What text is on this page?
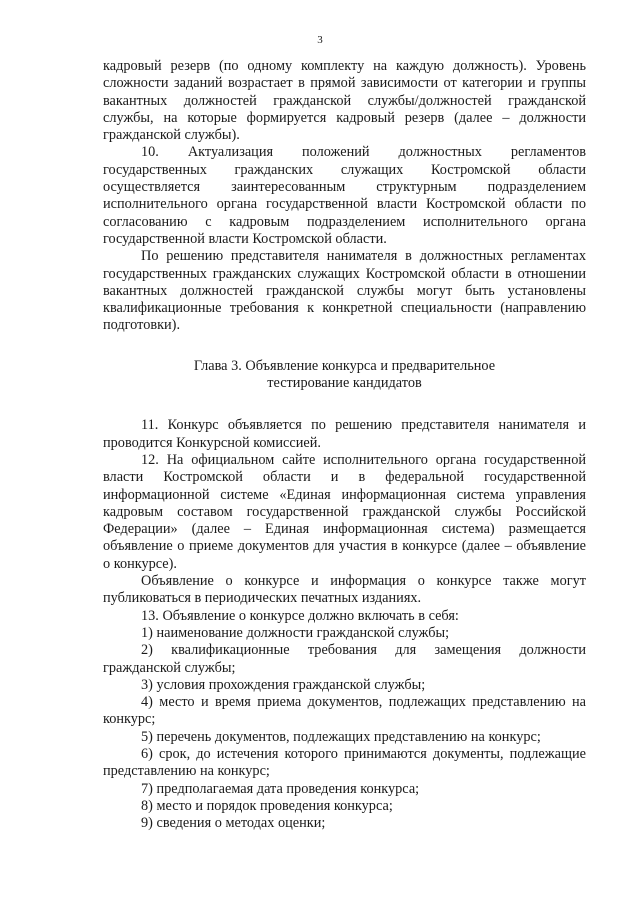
3

кадровый резерв (по одному комплекту на каждую должность). Уровень сложности заданий возрастает в прямой зависимости от категории и группы вакантных должностей гражданской службы/должностей гражданской службы, на которые формируется кадровый резерв (далее – должности гражданской службы).

10. Актуализация положений должностных регламентов государственных гражданских служащих Костромской области осуществляется заинтересованным структурным подразделением исполнительного органа государственной власти Костромской области по согласованию с кадровым подразделением исполнительного органа государственной власти Костромской области.

По решению представителя нанимателя в должностных регламентах государственных гражданских служащих Костромской области в отношении вакантных должностей гражданской службы могут быть установлены квалификационные требования к конкретной специальности (направлению подготовки).

Глава 3. Объявление конкурса и предварительное
тестирование кандидатов

11. Конкурс объявляется по решению представителя нанимателя и проводится Конкурсной комиссией.

12. На официальном сайте исполнительного органа государственной власти Костромской области и в федеральной государственной информационной системе «Единая информационная система управления кадровым составом государственной гражданской службы Российской Федерации» (далее – Единая информационная система) размещается объявление о приеме документов для участия в конкурсе (далее – объявление о конкурсе).

Объявление о конкурсе и информация о конкурсе также могут публиковаться в периодических печатных изданиях.

13. Объявление о конкурсе должно включать в себя:

1) наименование должности гражданской службы;

2) квалификационные требования для замещения должности гражданской службы;

3) условия прохождения гражданской службы;

4) место и время приема документов, подлежащих представлению на конкурс;

5) перечень документов, подлежащих представлению на конкурс;

6) срок, до истечения которого принимаются документы, подлежащие представлению на конкурс;

7) предполагаемая дата проведения конкурса;

8) место и порядок проведения конкурса;

9) сведения о методах оценки;
